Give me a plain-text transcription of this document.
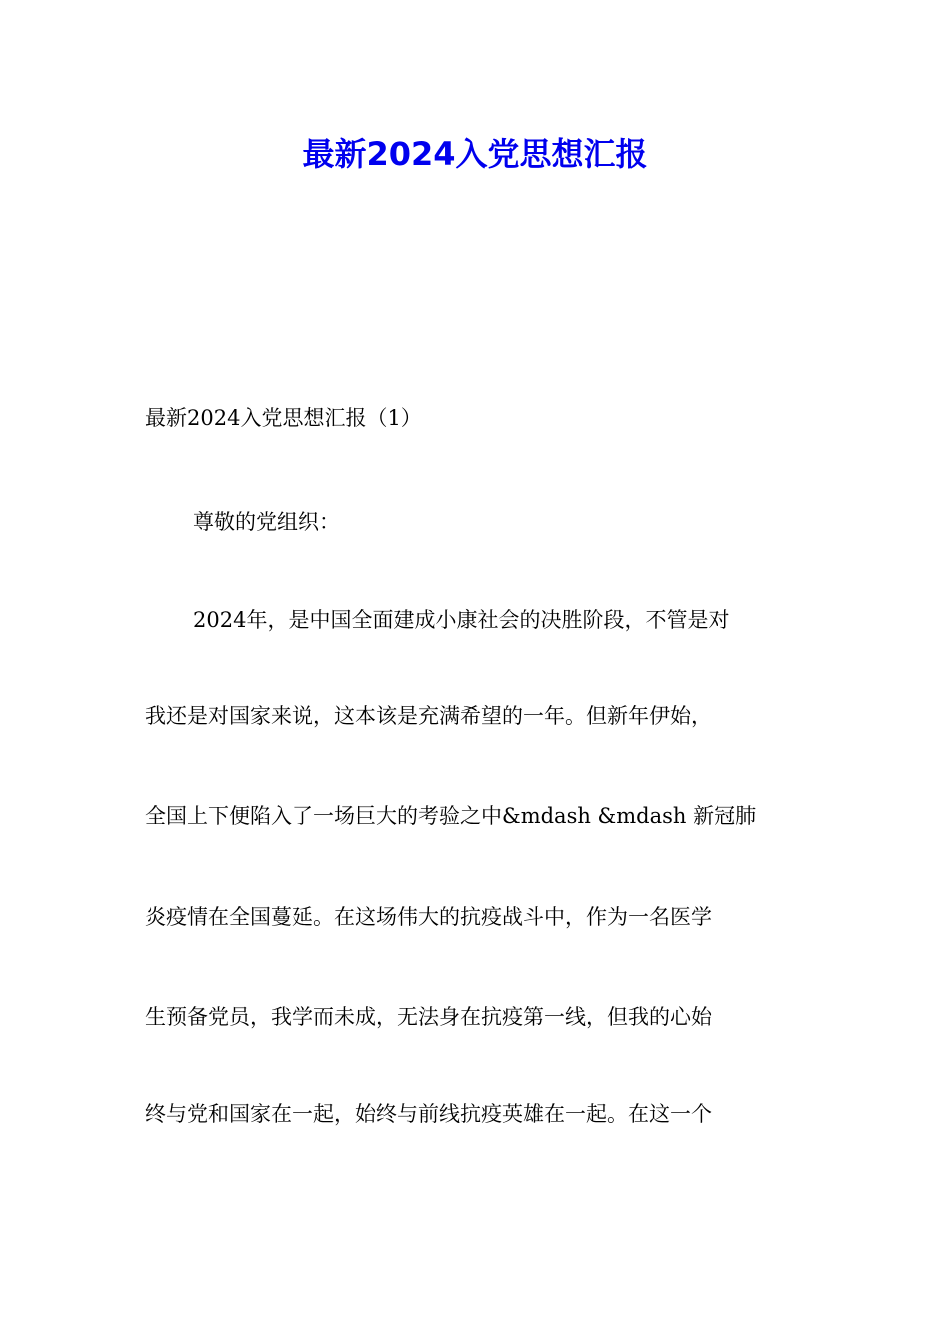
最新2024入党思想汇报

最新2024入党思想汇报（1）

尊敬的党组织：

2024年，是中国全面建成小康社会的决胜阶段，不管是对

我还是对国家来说，这本该是充满希望的一年。但新年伊始，

全国上下便陷入了一场巨大的考验之中&mdash &mdash 新冠肺

炎疫情在全国蔓延。在这场伟大的抗疫战斗中，作为一名医学

生预备党员，我学而未成，无法身在抗疫第一线，但我的心始

终与党和国家在一起，始终与前线抗疫英雄在一起。在这一个
